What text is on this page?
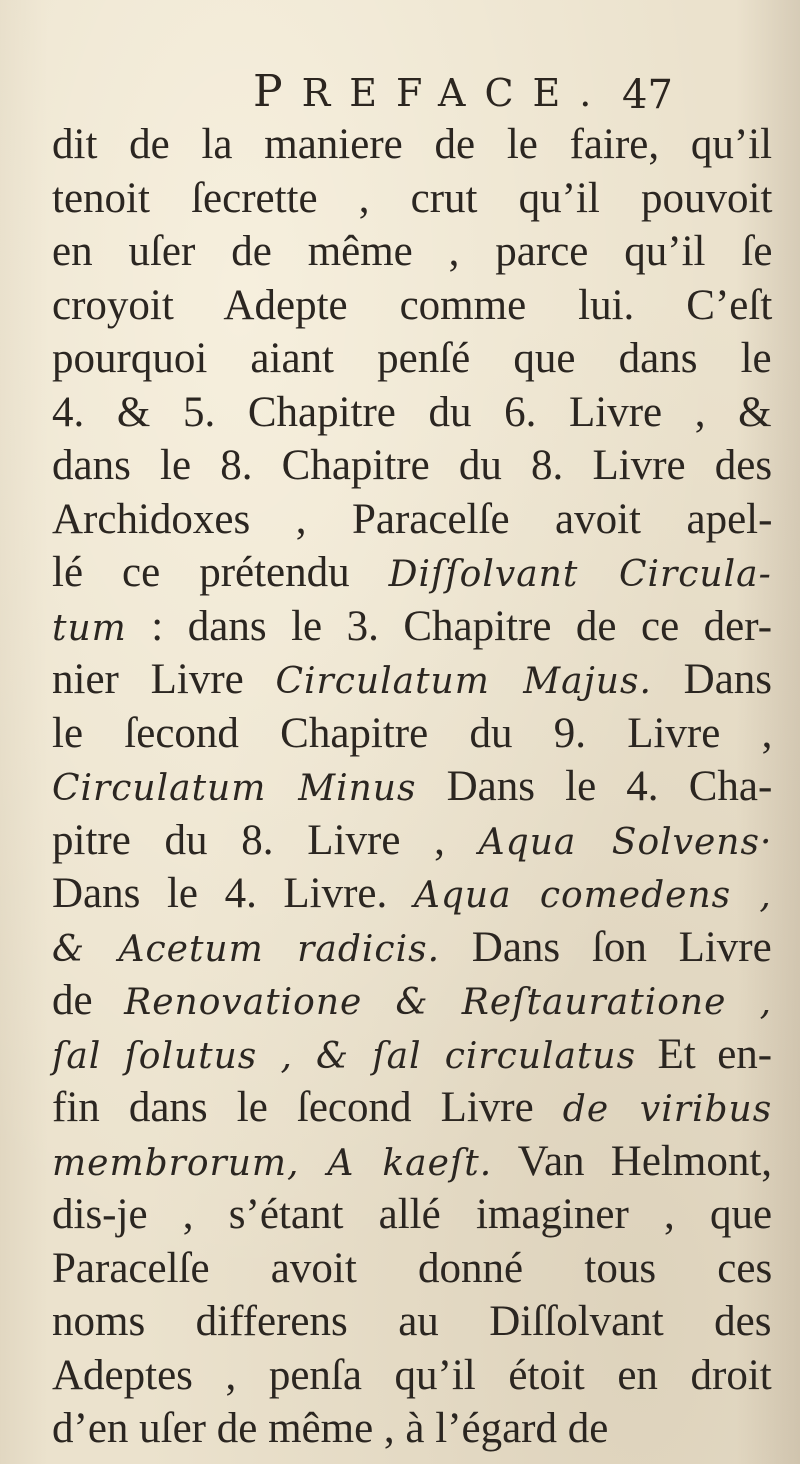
PREFACE. 47
dit de la maniere de le faire, qu’il
tenoit ſecrette , crut qu’il pouvoit
en uſer de même , parce qu’il ſe
croyoit Adepte comme lui. C’eſt
pourquoi aiant penſé que dans le
4. & 5. Chapitre du 6. Livre , &
dans le 8. Chapitre du 8. Livre des
Archidoxes , Paracelſe avoit apel-
lé ce prétendu Diſſolvant Circula-
tum : dans le 3. Chapitre de ce der-
nier Livre Circulatum Majus. Dans
le ſecond Chapitre du 9. Livre ,
Circulatum Minus Dans le 4. Cha-
pitre du 8. Livre , Aqua Solvens·
Dans le 4. Livre. Aqua comedens ,
& Acetum radicis. Dans ſon Livre
de Renovatione & Reſtauratione ,
ſal ſolutus , & ſal circulatus Et en-
fin dans le ſecond Livre de viribus
membrorum, A kaeſt. Van Helmont,
dis-je , s’étant allé imaginer , que
Paracelſe avoit donné tous ces
noms differens au Diſſolvant des
Adeptes , penſa qu’il étoit en droit
d’en uſer de même , à l’égard de
